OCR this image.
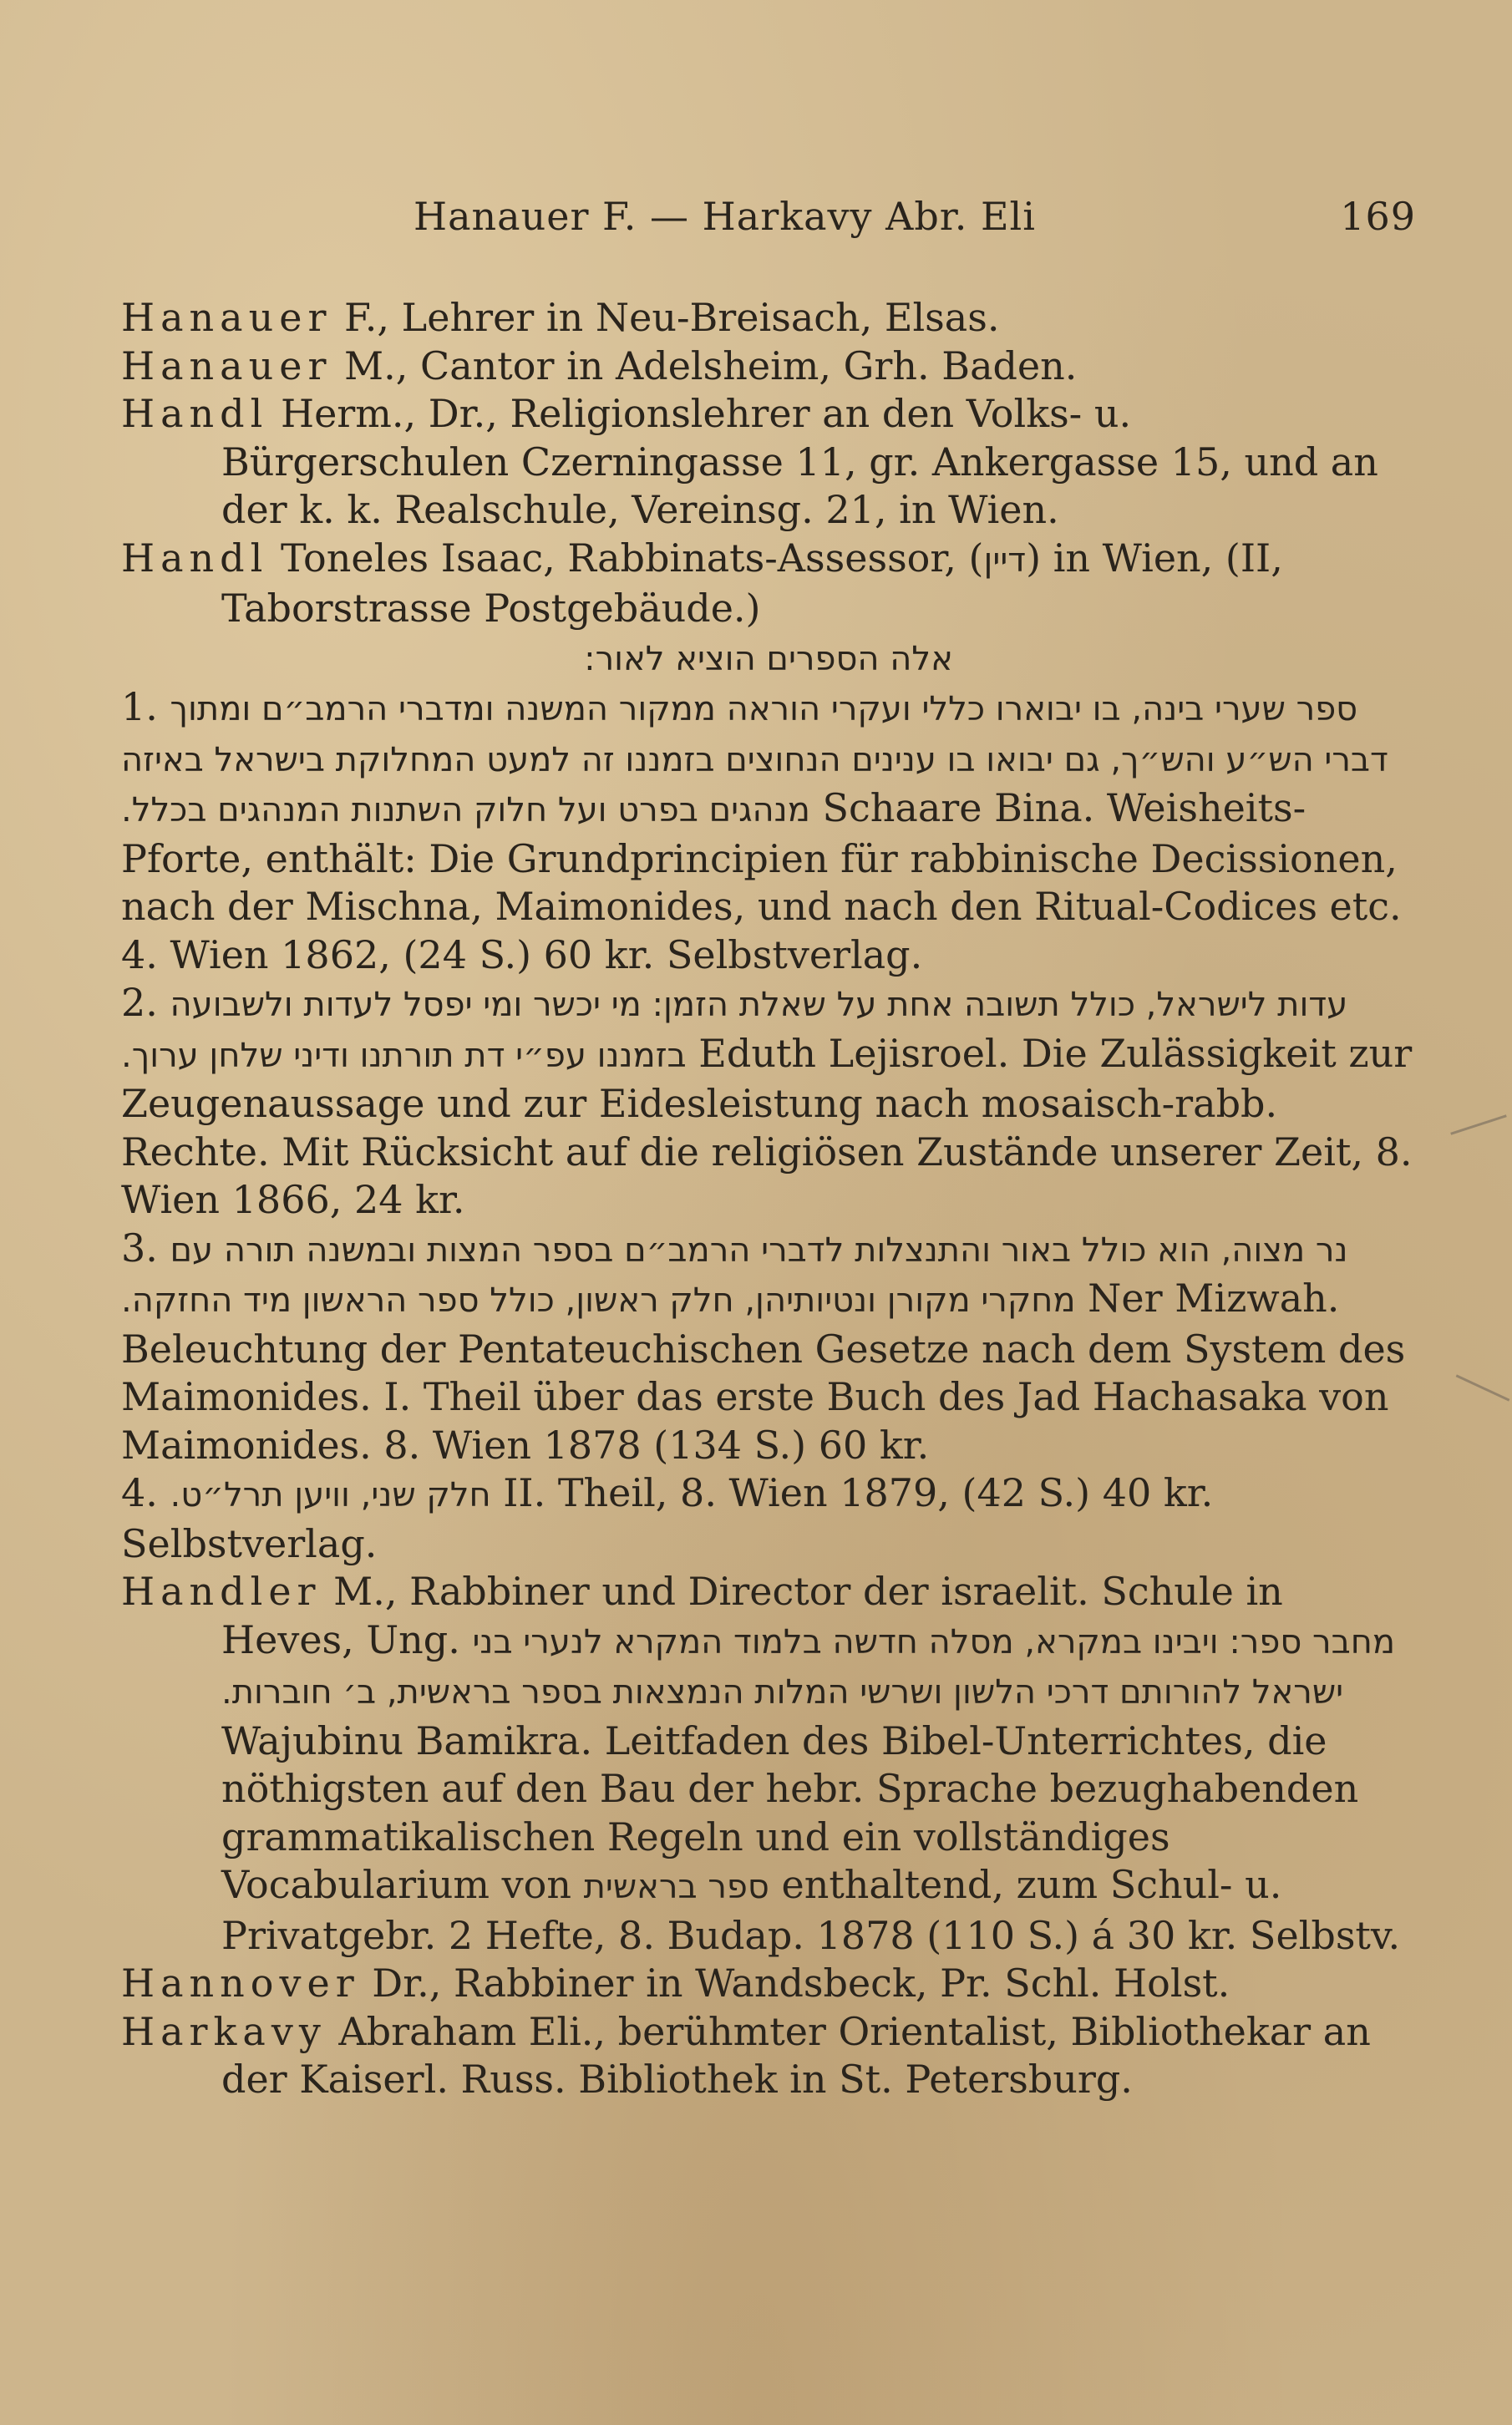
Hanauer F. — Harkavy Abr. Eli	169

Hanauer F., Lehrer in Neu-Breisach, Elsas.

Hanauer M., Cantor in Adelsheim, Grh. Baden.

Handl Herm., Dr., Religionslehrer an den Volks- u. Bürgerschulen Czerningasse 11, gr. Ankergasse 15, und an der k. k. Realschule, Vereinsg. 21, in Wien.

Handl Toneles Isaac, Rabbinats-Assessor, (דיין) in Wien, (II, Taborstrasse Postgebäude.)

אלה הספרים הוציא לאור:

1. ספר שערי בינה, בו יבוארו כללי ועקרי הוראה ממקור המשנה ומדברי הרמב״ם ומתוך דברי הש״ע והש״ך, גם יבואו בו ענינים הנחוצים בזמננו זה למעט המחלוקת בישראל באיזה מנהגים בפרט ועל חלוק השתנות המנהגים בכלל. Schaare Bina. Weisheits-Pforte, enthält: Die Grundprincipien für rabbinische Decissionen, nach der Mischna, Maimonides, und nach den Ritual-Codices etc. 4. Wien 1862, (24 S.) 60 kr. Selbstverlag.

2. עדות לישראל, כולל תשובה אחת על שאלת הזמן: מי יכשר ומי יפסל לעדות ולשבועה בזמננו עפ״י דת תורתנו ודיני שלחן ערוך. Eduth Lejisroel. Die Zulässigkeit zur Zeugenaussage und zur Eidesleistung nach mosaisch-rabb. Rechte. Mit Rücksicht auf die religiösen Zustände unserer Zeit, 8. Wien 1866, 24 kr.

3. נר מצוה, הוא כולל באור והתנצלות לדברי הרמב״ם בספר המצות ובמשנה תורה עם מחקרי מקורן ונטיותיהן, חלק ראשון, כולל ספר הראשון מיד החזקה. Ner Mizwah. Beleuchtung der Pentateuchischen Gesetze nach dem System des Maimonides. I. Theil über das erste Buch des Jad Hachasaka von Maimonides. 8. Wien 1878 (134 S.) 60 kr.

4. חלק שני, וויען תרל״ט. II. Theil, 8. Wien 1879, (42 S.) 40 kr. Selbstverlag.

Handler M., Rabbiner und Director der israelit. Schule in Heves, Ung. מחבר ספר: ויבינו במקרא, מסלה חדשה בלמוד המקרא לנערי בני ישראל להורותם דרכי הלשון ושרשי המלות הנמצאות בספר בראשית, ב׳ חוברות. Wajubinu Bamikra. Leitfaden des Bibel-Unterrichtes, die nöthigsten auf den Bau der hebr. Sprache bezughabenden grammatikalischen Regeln und ein vollständiges Vocabularium von ספר בראשית enthaltend, zum Schul- u. Privatgebr. 2 Hefte, 8. Budap. 1878 (110 S.) á 30 kr. Selbstv.

Hannover Dr., Rabbiner in Wandsbeck, Pr. Schl. Holst.

Harkavy Abraham Eli., berühmter Orientalist, Bibliothekar an der Kaiserl. Russ. Bibliothek in St. Petersburg.
